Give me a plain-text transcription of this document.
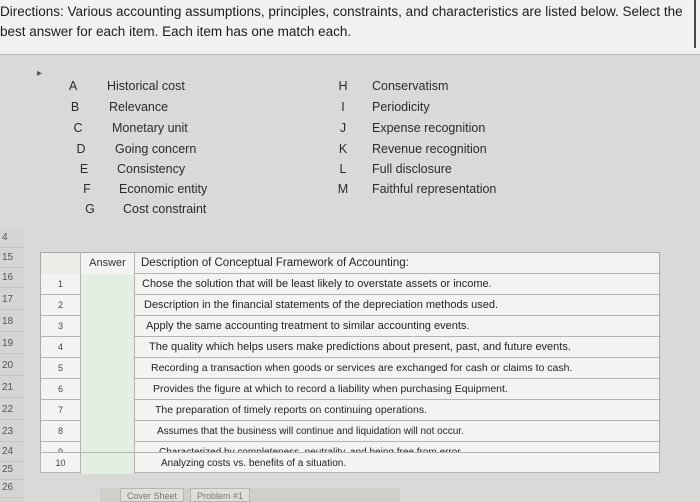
Directions: Various accounting assumptions, principles, constraints, and characteristics are listed below. Select the
best answer for each item. Each item has one match each.
▸
A Historical cost
B Relevance
C Monetary unit
D Going concern
E Consistency
F Economic entity
G Cost constraint
H Conservatism
I	Periodicity
J	Expense recognition
K Revenue recognition
L Full disclosure
M Faithful representation
4
15
16
17
18
19
20
21
22
23
24
25
26
Answer	Description of Conceptual Framework of Accounting:
1	Chose the solution that will be least likely to overstate assets or income.
2	Description in the financial statements of the depreciation methods used.
3	Apply the same accounting treatment to similar accounting events.
4	The quality which helps users make predictions about present, past, and future events.
5	Recording a transaction when goods or services are exchanged for cash or claims to cash.
6	Provides the figure at which to record a liability when purchasing Equipment.
7	The preparation of timely reports on continuing operations.
8	Assumes that the business will continue and liquidation will not occur.
10	Analyzing costs vs. benefits of a situation.
Cover Sheet	Problem #1
